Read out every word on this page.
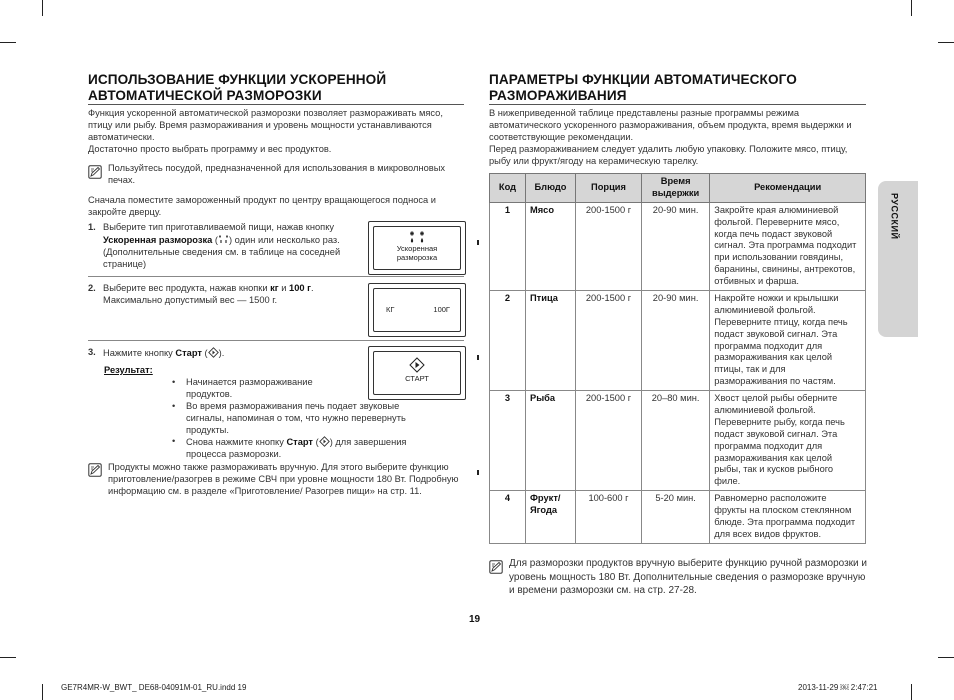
ИСПОЛЬЗОВАНИЕ ФУНКЦИИ УСКОРЕННОЙ АВТОМАТИЧЕСКОЙ РАЗМОРОЗКИ

Функция ускоренной автоматической разморозки позволяет размораживать мясо, птицу или рыбу. Время размораживания и уровень мощности устанавливаются автоматически.

Достаточно просто выбрать программу и вес продуктов.

Пользуйтесь посудой, предназначенной для использования в микроволновых печах.
Сначала поместите замороженный продукт по центру вращающегося подноса и закройте дверцу.
1. Выберите тип приготавливаемой пищи, нажав кнопку Ускоренная разморозка ( ) один или несколько раз. (Дополнительные сведения см. в таблице на соседней странице)
Ускоренная
разморозка
2. Выберите вес продукта, нажав кнопки кг и 100 г. Максимально допустимый вес — 1500 г.
КГ	100Г
3. Нажмите кнопку Старт ( ).
СТАРТ
Результат:
• Начинается размораживание продуктов.
• Во время размораживания печь подает звуковые сигналы, напоминая о том, что нужно перевернуть продукты.
• Снова нажмите кнопку Старт ( ) для завершения процесса разморозки.
Продукты можно также размораживать вручную. Для этого выберите функцию приготовление/разогрев в режиме СВЧ при уровне мощности 180 Вт. Подробную информацию см. в разделе «Приготовление/ Разогрев пищи» на стр. 11.
ПАРАМЕТРЫ ФУНКЦИИ АВТОМАТИЧЕСКОГО РАЗМОРАЖИВАНИЯ

В нижеприведенной таблице представлены разные программы режима автоматического ускоренного размораживания, объем продукта, время выдержки и соответствующие рекомендации.

Перед размораживанием следует удалить любую упаковку. Положите мясо, птицу, рыбу или фрукт/ягоду на керамическую тарелку.

Код	Блюдо	Порция	Время выдержки	Рекомендации
1	Мясо	200-1500 г	20-90 мин.	Закройте края алюминиевой фольгой. Переверните мясо, когда печь подаст звуковой сигнал. Эта программа подходит при использовании говядины, баранины, свинины, антрекотов, отбивных и фарша.
2	Птица	200-1500 г	20-90 мин.	Накройте ножки и крылышки алюминиевой фольгой. Переверните птицу, когда печь подаст звуковой сигнал. Эта программа подходит для размораживания как целой птицы, так и для размораживания по частям.
3	Рыба	200-1500 г	20–80 мин.	Хвост целой рыбы оберните алюминиевой фольгой. Переверните рыбу, когда печь подаст звуковой сигнал. Эта программа подходит для размораживания как целой рыбы, так и кусков рыбного филе.
4	Фрукт/ Ягода	100-600 г	5-20 мин.	Равномерно расположите фрукты на плоском стеклянном блюде. Эта программа подходит для всех видов фруктов.
Для разморозки продуктов вручную выберите функцию ручной разморозки и уровень мощность 180 Вт. Дополнительные сведения о разморозке вручную и времени разморозки см. на стр. 27-28.
РУССКИЙ
19
GE7R4MR-W_BWT_ DE68-04091M-01_RU.indd 19	2013-11-29 ￼ 2:47:21
